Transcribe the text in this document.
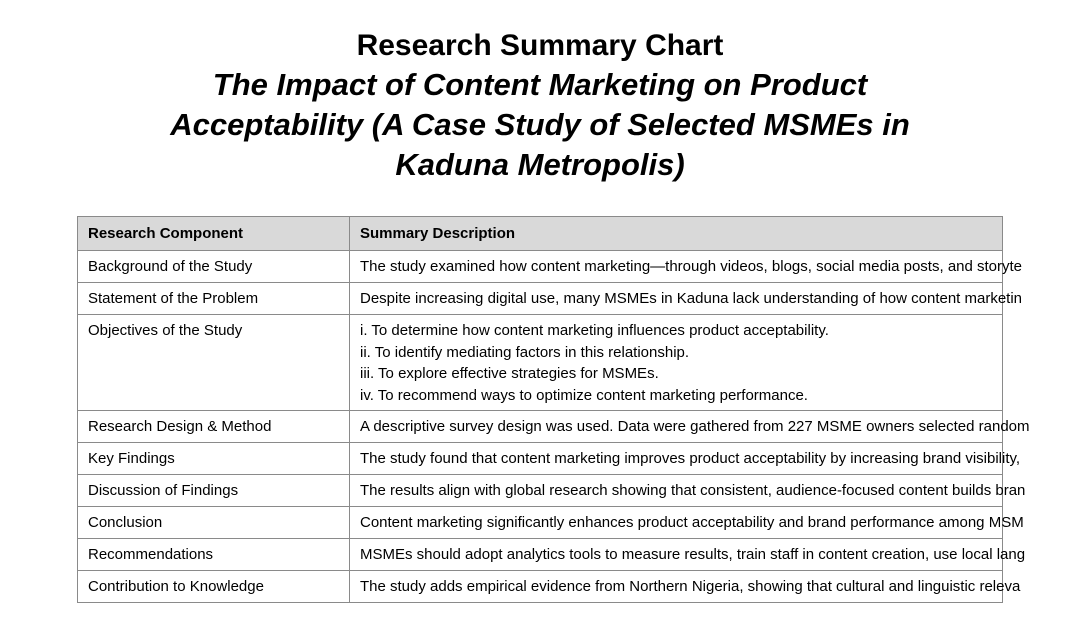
Research Summary Chart
The Impact of Content Marketing on Product
Acceptability (A Case Study of Selected MSMEs in
Kaduna Metropolis)
Research Component	Summary Description	
Background of the Study	The study examined how content marketing—through videos, blogs, social media posts, and storyte	
Statement of the Problem	Despite increasing digital use, many MSMEs in Kaduna lack understanding of how content marketin	
Objectives of the Study	i. To determine how content marketing influences product acceptability.
ii. To identify mediating factors in this relationship.
iii. To explore effective strategies for MSMEs.
iv. To recommend ways to optimize content marketing performance.	

Research Design & Method	A descriptive survey design was used. Data were gathered from 227 MSME owners selected random	
Key Findings	The study found that content marketing improves product acceptability by increasing brand visibility,	
Discussion of Findings	The results align with global research showing that consistent, audience-focused content builds bran	
Conclusion	Content marketing significantly enhances product acceptability and brand performance among MSM	
Recommendations	MSMEs should adopt analytics tools to measure results, train staff in content creation, use local lang	
Contribution to Knowledge	The study adds empirical evidence from Northern Nigeria, showing that cultural and linguistic releva	
